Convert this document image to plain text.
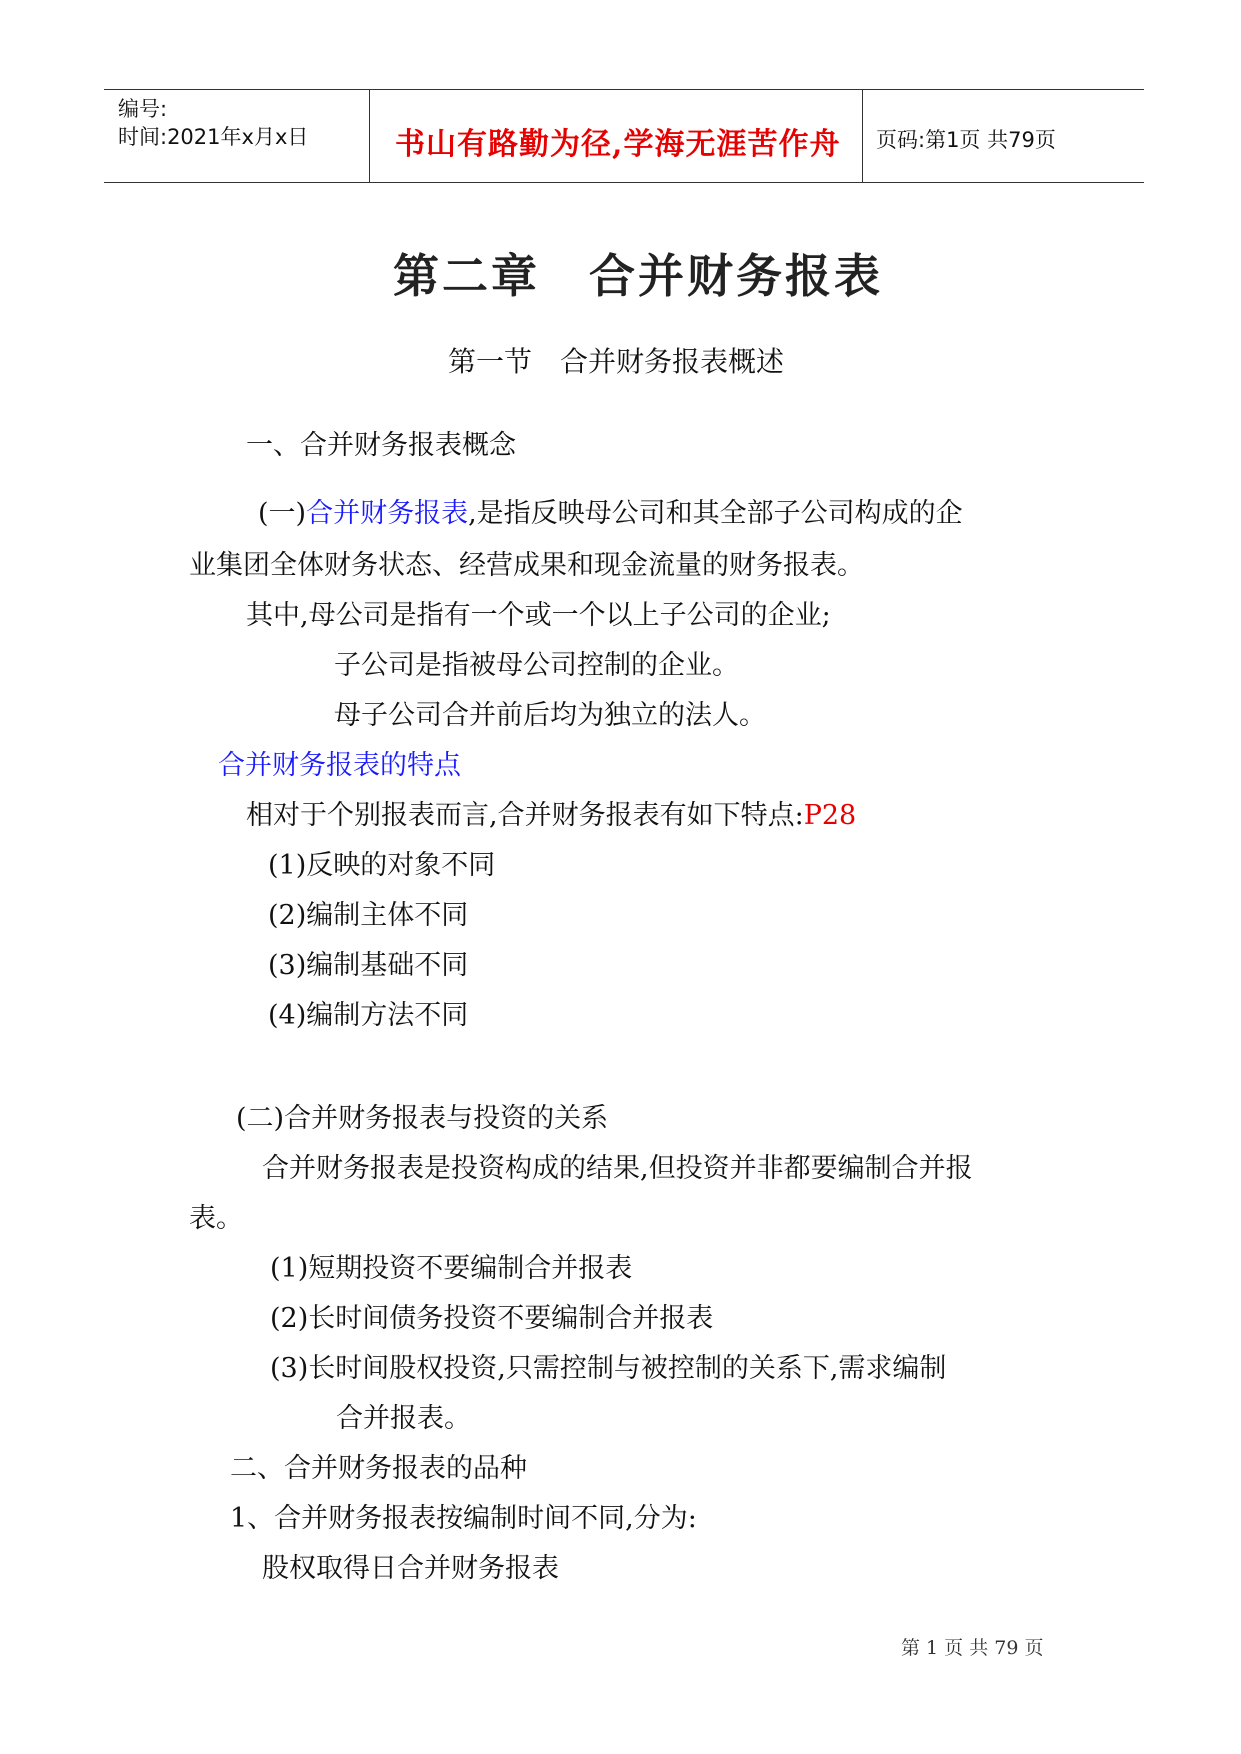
编号:
时间:2021年x月x日	书山有路勤为径,学海无涯苦作舟 页码:第1页 共79页
第二章　合并财务报表
第一节　合并财务报表概述
一、合并财务报表概念
(一)合并财务报表,是指反映母公司和其全部子公司构成的企
业集团全体财务状态、经营成果和现金流量的财务报表。
其中,母公司是指有一个或一个以上子公司的企业;
子公司是指被母公司控制的企业。
母子公司合并前后均为独立的法人。
合并财务报表的特点
相对于个别报表而言,合并财务报表有如下特点:P28
(1)反映的对象不同
(2)编制主体不同
(3)编制基础不同
(4)编制方法不同
(二)合并财务报表与投资的关系
合并财务报表是投资构成的结果,但投资并非都要编制合并报
表。
(1)短期投资不要编制合并报表
(2)长时间债务投资不要编制合并报表
(3)长时间股权投资,只需控制与被控制的关系下,需求编制
合并报表。
二、合并财务报表的品种
1、合并财务报表按编制时间不同,分为:
股权取得日合并财务报表
第 1 页 共 79 页
